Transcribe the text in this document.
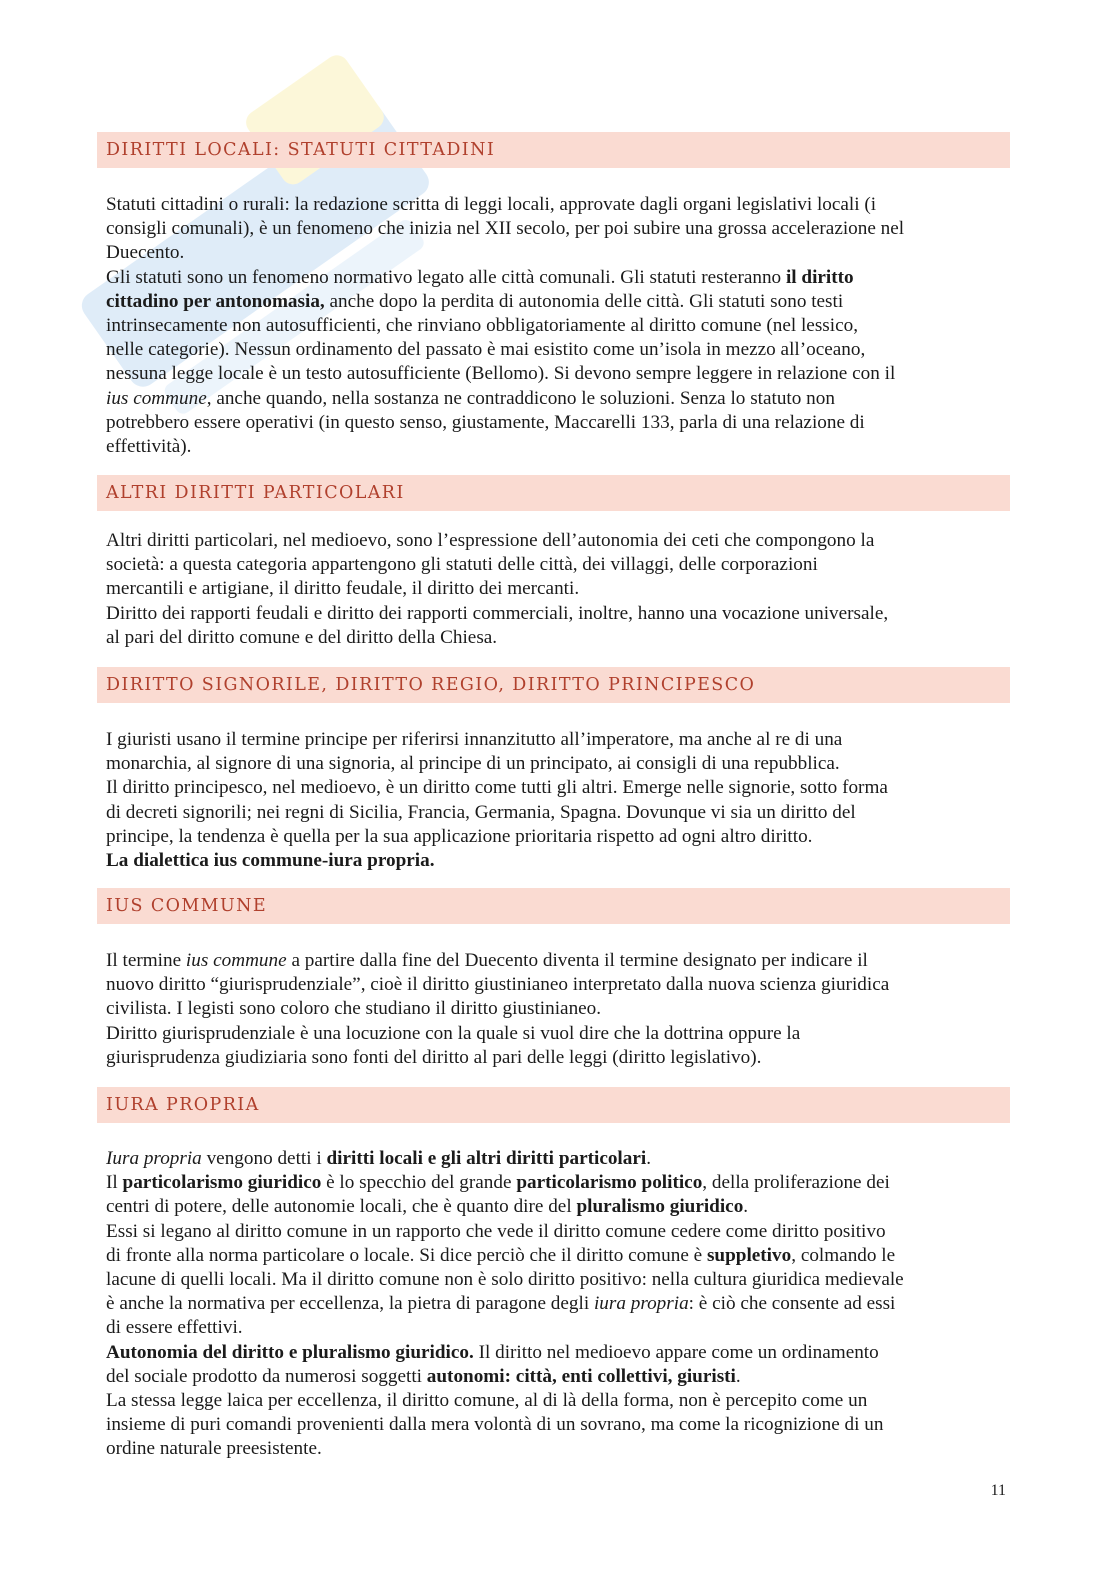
DIRITTI LOCALI: STATUTI CITTADINI
Statuti cittadini o rurali: la redazione scritta di leggi locali, approvate dagli organi legislativi locali (i
consigli comunali), è un fenomeno che inizia nel XII secolo, per poi subire una grossa accelerazione nel
Duecento.
Gli statuti sono un fenomeno normativo legato alle città comunali. Gli statuti resteranno il diritto
cittadino per antonomasia, anche dopo la perdita di autonomia delle città. Gli statuti sono testi
intrinsecamente non autosufficienti, che rinviano obbligatoriamente al diritto comune (nel lessico,
nelle categorie). Nessun ordinamento del passato è mai esistito come un’isola in mezzo all’oceano,
nessuna legge locale è un testo autosufficiente (Bellomo). Si devono sempre leggere in relazione con il
ius commune, anche quando, nella sostanza ne contraddicono le soluzioni. Senza lo statuto non
potrebbero essere operativi (in questo senso, giustamente, Maccarelli 133, parla di una relazione di
effettività).
ALTRI DIRITTI PARTICOLARI
Altri diritti particolari, nel medioevo, sono l’espressione dell’autonomia dei ceti che compongono la
società: a questa categoria appartengono gli statuti delle città, dei villaggi, delle corporazioni
mercantili e artigiane, il diritto feudale, il diritto dei mercanti.
Diritto dei rapporti feudali e diritto dei rapporti commerciali, inoltre, hanno una vocazione universale,
al pari del diritto comune e del diritto della Chiesa.
DIRITTO SIGNORILE, DIRITTO REGIO, DIRITTO PRINCIPESCO
I giuristi usano il termine principe per riferirsi innanzitutto all’imperatore, ma anche al re di una
monarchia, al signore di una signoria, al principe di un principato, ai consigli di una repubblica.
Il diritto principesco, nel medioevo, è un diritto come tutti gli altri. Emerge nelle signorie, sotto forma
di decreti signorili; nei regni di Sicilia, Francia, Germania, Spagna. Dovunque vi sia un diritto del
principe, la tendenza è quella per la sua applicazione prioritaria rispetto ad ogni altro diritto.
La dialettica ius commune-iura propria.
IUS COMMUNE
Il termine ius commune a partire dalla fine del Duecento diventa il termine designato per indicare il
nuovo diritto “giurisprudenziale”, cioè il diritto giustinianeo interpretato dalla nuova scienza giuridica
civilista. I legisti sono coloro che studiano il diritto giustinianeo.
Diritto giurisprudenziale è una locuzione con la quale si vuol dire che la dottrina oppure la
giurisprudenza giudiziaria sono fonti del diritto al pari delle leggi (diritto legislativo).
IURA PROPRIA
Iura propria vengono detti i diritti locali e gli altri diritti particolari.
Il particolarismo giuridico è lo specchio del grande particolarismo politico, della proliferazione dei
centri di potere, delle autonomie locali, che è quanto dire del pluralismo giuridico.
Essi si legano al diritto comune in un rapporto che vede il diritto comune cedere come diritto positivo
di fronte alla norma particolare o locale. Si dice perciò che il diritto comune è suppletivo, colmando le
lacune di quelli locali. Ma il diritto comune non è solo diritto positivo: nella cultura giuridica medievale
è anche la normativa per eccellenza, la pietra di paragone degli iura propria: è ciò che consente ad essi
di essere effettivi.
Autonomia del diritto e pluralismo giuridico. Il diritto nel medioevo appare come un ordinamento
del sociale prodotto da numerosi soggetti autonomi: città, enti collettivi, giuristi.
La stessa legge laica per eccellenza, il diritto comune, al di là della forma, non è percepito come un
insieme di puri comandi provenienti dalla mera volontà di un sovrano, ma come la ricognizione di un
ordine naturale preesistente.
11
